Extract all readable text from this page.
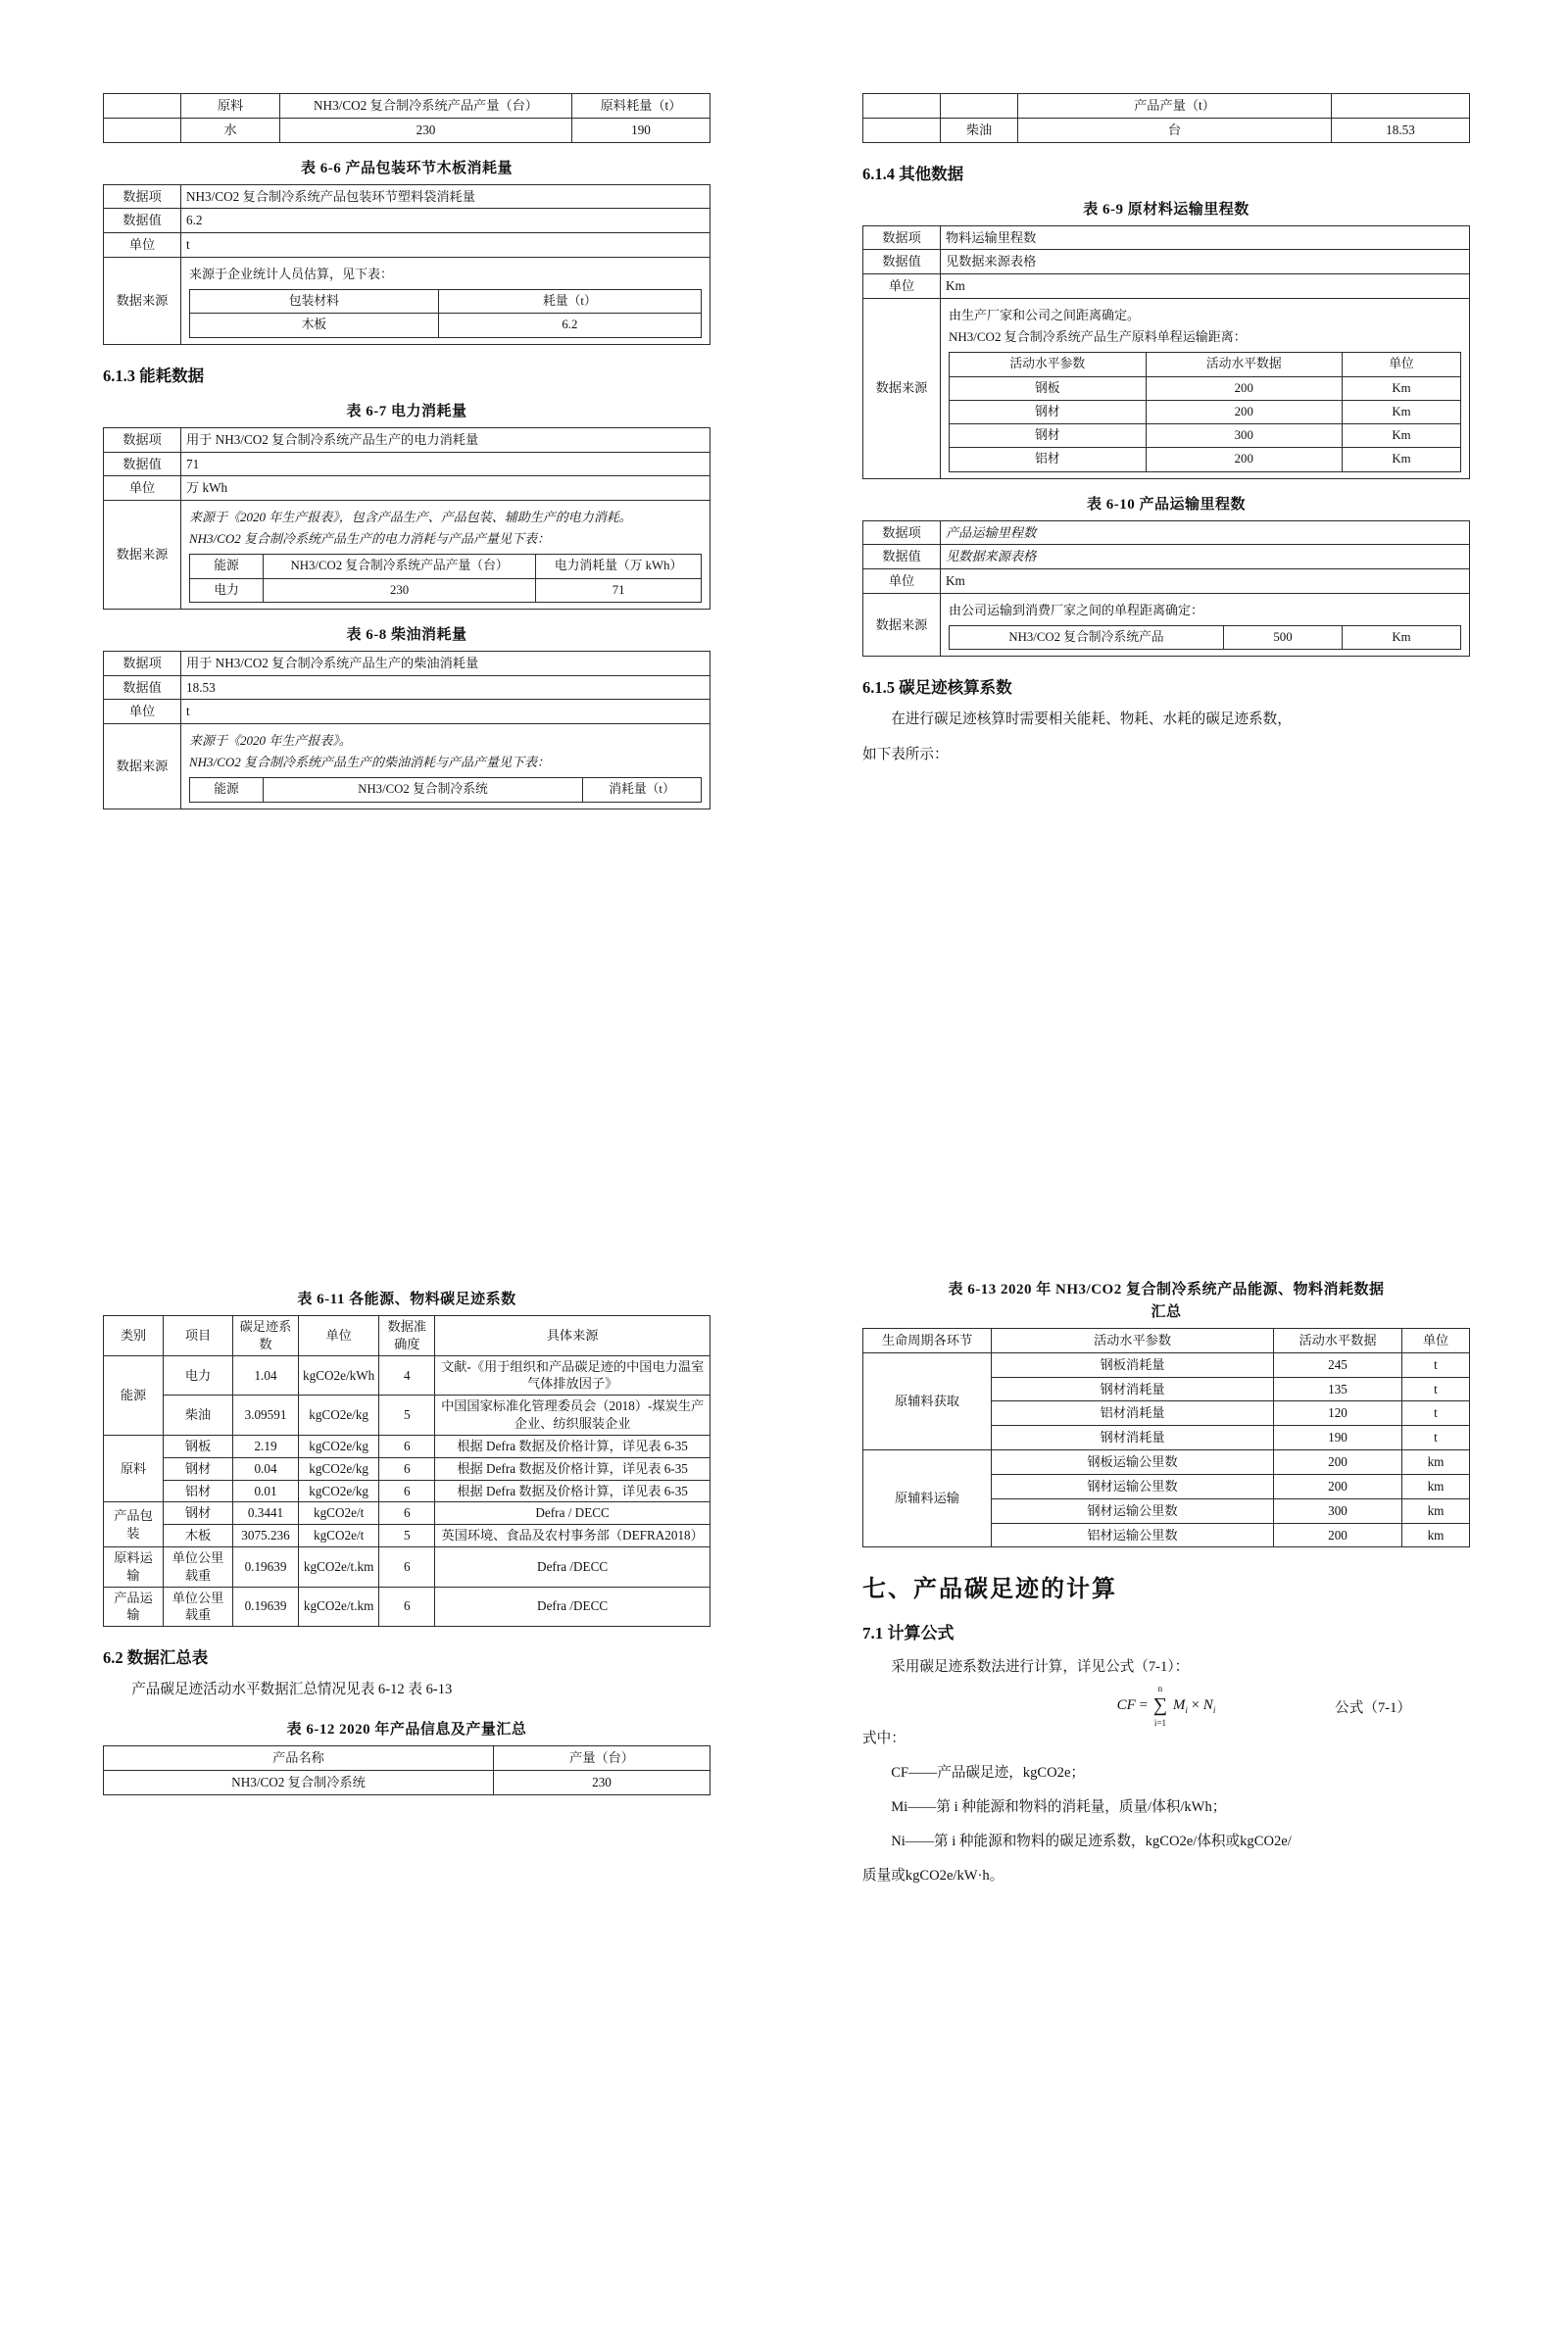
	原料	NH3/CO2 复合制冷系统产品产量（台）	原料耗量（t）
	水	230	190
表 6-6 产品包装环节木板消耗量
数据项	NH3/CO2 复合制冷系统产品包装环节塑料袋消耗量
数据值	6.2
单位	t
数据来源	
来源于企业统计人员估算，见下表：
包装材料	耗量（t）
木板	6.2
6.1.3 能耗数据
表 6-7 电力消耗量
数据项	用于 NH3/CO2 复合制冷系统产品生产的电力消耗量
数据值	71
单位	万 kWh
数据来源	
来源于《2020 年生产报表》，包含产品生产、产品包装、辅助生产的电力消耗。
NH3/CO2 复合制冷系统产品生产的电力消耗与产品产量见下表：
能源	NH3/CO2 复合制冷系统产品产量（台）	电力消耗量（万 kWh）
电力	230	71
表 6-8 柴油消耗量
数据项	用于 NH3/CO2 复合制冷系统产品生产的柴油消耗量
数据值	18.53
单位	t
数据来源	
来源于《2020 年生产报表》。
NH3/CO2 复合制冷系统产品生产的柴油消耗与产品产量见下表：
能源	NH3/CO2 复合制冷系统	消耗量（t）
		产品产量（t）	
	柴油	台	18.53
6.1.4 其他数据
表 6-9 原材料运输里程数
数据项	物料运输里程数
数据值	见数据来源表格
单位	Km
数据来源	
由生产厂家和公司之间距离确定。
NH3/CO2 复合制冷系统产品生产原料单程运输距离：
活动水平参数	活动水平数据	单位
钢板	200	Km
钢材	200	Km
钢材	300	Km
铝材	200	Km
表 6-10 产品运输里程数
数据项	产品运输里程数
数据值	见数据来源表格
单位	Km
数据来源	
由公司运输到消费厂家之间的单程距离确定：
NH3/CO2 复合制冷系统产品	500	Km
6.1.5 碳足迹核算系数
在进行碳足迹核算时需要相关能耗、物耗、水耗的碳足迹系数，
如下表所示：
表 6-11 各能源、物料碳足迹系数
类别	项目	碳足迹系数	单位	数据准确度	具体来源
能源	电力	1.04	kgCO2e/kWh	4	文献-《用于组织和产品碳足迹的中国电力温室气体排放因子》
	柴油	3.09591	kgCO2e/kg	5	中国国家标准化管理委员会（2018）-煤炭生产企业、纺织服装企业
原料	钢板	2.19	kgCO2e/kg	6	根据 Defra 数据及价格计算，详见表 6-35
	钢材	0.04	kgCO2e/kg	6	根据 Defra 数据及价格计算，详见表 6-35
	铝材	0.01	kgCO2e/kg	6	根据 Defra 数据及价格计算，详见表 6-35
产品包装	钢材	0.3441	kgCO2e/t	6	Defra / DECC
	木板	3075.236	kgCO2e/t	5	英国环境、食品及农村事务部（DEFRA2018）
原料运输	单位公里载重	0.19639	kgCO2e/t.km	6	Defra /DECC
产品运输	单位公里载重	0.19639	kgCO2e/t.km	6	Defra /DECC
6.2 数据汇总表
产品碳足迹活动水平数据汇总情况见表 6-12 表 6-13
表 6-12 2020 年产品信息及产量汇总
产品名称	产量（台）
NH3/CO2 复合制冷系统	230
表 6-13 2020 年 NH3/CO2 复合制冷系统产品能源、物料消耗数据
汇总
生命周期各环节	活动水平参数	活动水平数据	单位
原辅料获取	钢板消耗量	245	t
	钢材消耗量	135	t
	铝材消耗量	120	t
	钢材消耗量	190	t
原辅料运输	钢板运输公里数	200	km
	钢材运输公里数	200	km
	钢材运输公里数	300	km
	铝材运输公里数	200	km
七、产品碳足迹的计算
7.1 计算公式
采用碳足迹系数法进行计算，详见公式（7-1）：
CF =
n
∑
i=1
$M_i \times N_i$	公式（7-1）
式中：
CF——产品碳足迹，kgCO2e；
Mi——第 i 种能源和物料的消耗量，质量/体积/kWh；
Ni——第 i 种能源和物料的碳足迹系数，kgCO2e/体积或kgCO2e/
质量或kgCO2e/kW·h。
